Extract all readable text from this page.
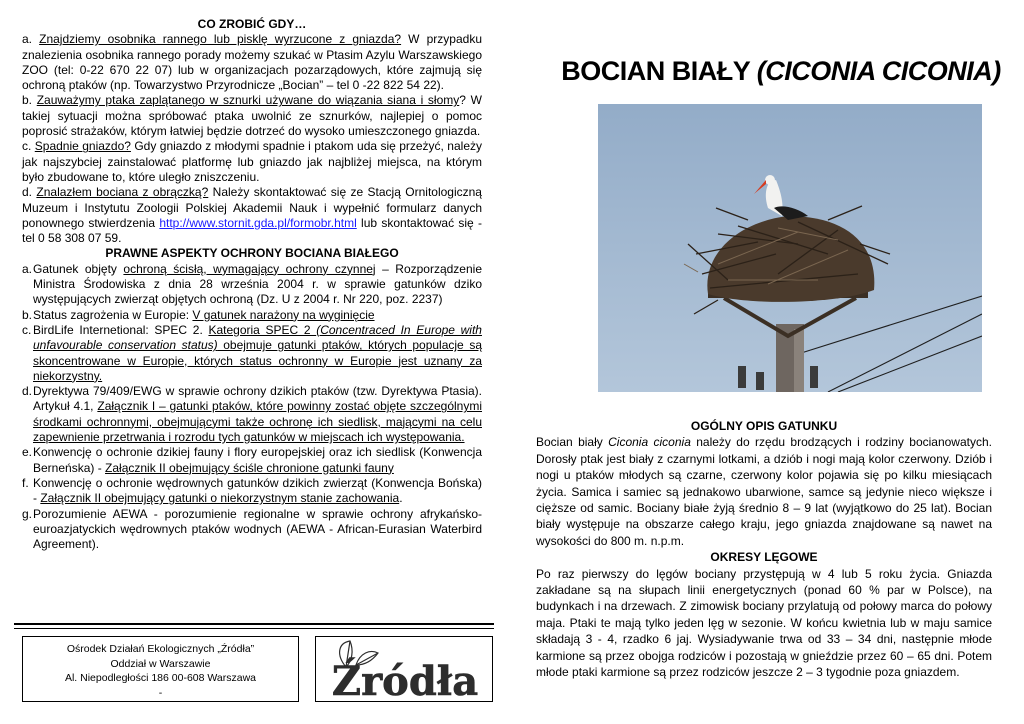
CO ZROBIĆ GDY…
a. Znajdziemy osobnika rannego lub pisklę wyrzucone z gniazda? W przypadku znalezienia osobnika rannego porady możemy szukać w Ptasim Azylu Warszawskiego ZOO (tel: 0-22 670 22 07) lub w organizacjach pozarządowych, które zajmują się ochroną ptaków (np. Towarzystwo Przyrodnicze „Bocian” – tel 0 -22 822 54 22).
b. Zauważymy ptaka zaplątanego w sznurki używane do wiązania siana i słomy? W takiej sytuacji można spróbować ptaka uwolnić ze sznurków, najlepiej o pomoc poprosić strażaków, którym łatwiej będzie dotrzeć do wysoko umieszczonego gniazda.
c. Spadnie gniazdo? Gdy gniazdo z młodymi spadnie i ptakom uda się przeżyć, należy jak najszybciej zainstalować platformę lub gniazdo jak najbliżej miejsca, na którym było zbudowane to, które uległo zniszczeniu.
d. Znalazłem bociana z obrączką? Należy skontaktować się ze Stacją Ornitologiczną Muzeum i Instytutu Zoologii Polskiej Akademii Nauk i wypełnić formularz danych ponownego stwierdzenia http://www.stornit.gda.pl/formobr.html lub skontaktować się - tel 0 58 308 07 59.
PRAWNE ASPEKTY OCHRONY BOCIANA BIAŁEGO
a. Gatunek objęty ochroną ścisłą, wymagający ochrony czynnej – Rozporządzenie Ministra Środowiska z dnia 28 września 2004 r. w sprawie gatunków dziko występujących zwierząt objętych ochroną (Dz. U z 2004 r. Nr 220, poz. 2237)
b. Status zagrożenia w Europie: V gatunek narażony na wyginięcie
c. BirdLife Internetional: SPEC 2. Kategoria SPEC 2 (Concentraced In Europe with unfavourable conservation status) obejmuje gatunki ptaków, których populacje są skoncentrowane w Europie, których status ochronny w Europie jest uznany za niekorzystny.
d. Dyrektywa 79/409/EWG w sprawie ochrony dzikich ptaków (tzw. Dyrektywa Ptasia). Artykuł 4.1, Załącznik I – gatunki ptaków, które powinny zostać objęte szczególnymi środkami ochronnymi, obejmującymi także ochronę ich siedlisk, mającymi na celu zapewnienie przetrwania i rozrodu tych gatunków w miejscach ich występowania.
e. Konwencję o ochronie dzikiej fauny i flory europejskiej oraz ich siedlisk (Konwencja Berneńska) - Załącznik II obejmujący ściśle chronione gatunki fauny
f. Konwencję o ochronie wędrownych gatunków dzikich zwierząt (Konwencja Bońska) - Załącznik II obejmujący gatunki o niekorzystnym stanie zachowania.
g. Porozumienie AEWA - porozumienie regionalne w sprawie ochrony afrykańsko-euroazjatyckich wędrownych ptaków wodnych (AEWA - African-Eurasian Waterbird Agreement).
Ośrodek Działań Ekologicznych „Źródła”
Oddział w Warszawie
Al. Niepodległości 186 00-608 Warszawa
-	Źródła
BOCIAN BIAŁY (CICONIA CICONIA)
OGÓLNY OPIS GATUNKU
Bocian biały Ciconia ciconia należy do rzędu brodzących i rodziny bocianowatych. Dorosły ptak jest biały z czarnymi lotkami, a dziób i nogi mają kolor czerwony. Dziób i nogi u ptaków młodych są czarne, czerwony kolor pojawia się po kilku miesiącach życia. Samica i samiec są jednakowo ubarwione, samce są jedynie nieco większe i cięższe od samic. Bociany białe żyją średnio 8 – 9 lat (wyjątkowo do 25 lat). Bocian biały występuje na obszarze całego kraju, jego gniazda znajdowane są nawet na wysokości do 800 m. n.p.m.
OKRESY LĘGOWE
Po raz pierwszy do lęgów bociany przystępują w 4 lub 5 roku życia. Gniazda zakładane są na słupach linii energetycznych (ponad 60 % par w Polsce), na budynkach i na drzewach. Z zimowisk bociany przylatują od połowy marca do połowy maja. Ptaki te mają tylko jeden lęg w sezonie. W końcu kwietnia lub w maju samice składają 3 - 4, rzadko 6 jaj. Wysiadywanie trwa od 33 – 34 dni, następnie młode karmione są przez obojga rodziców i pozostają w gnieździe przez 60 – 65 dni. Potem młode ptaki karmione są przez rodziców jeszcze 2 – 3 tygodnie poza gniazdem.
